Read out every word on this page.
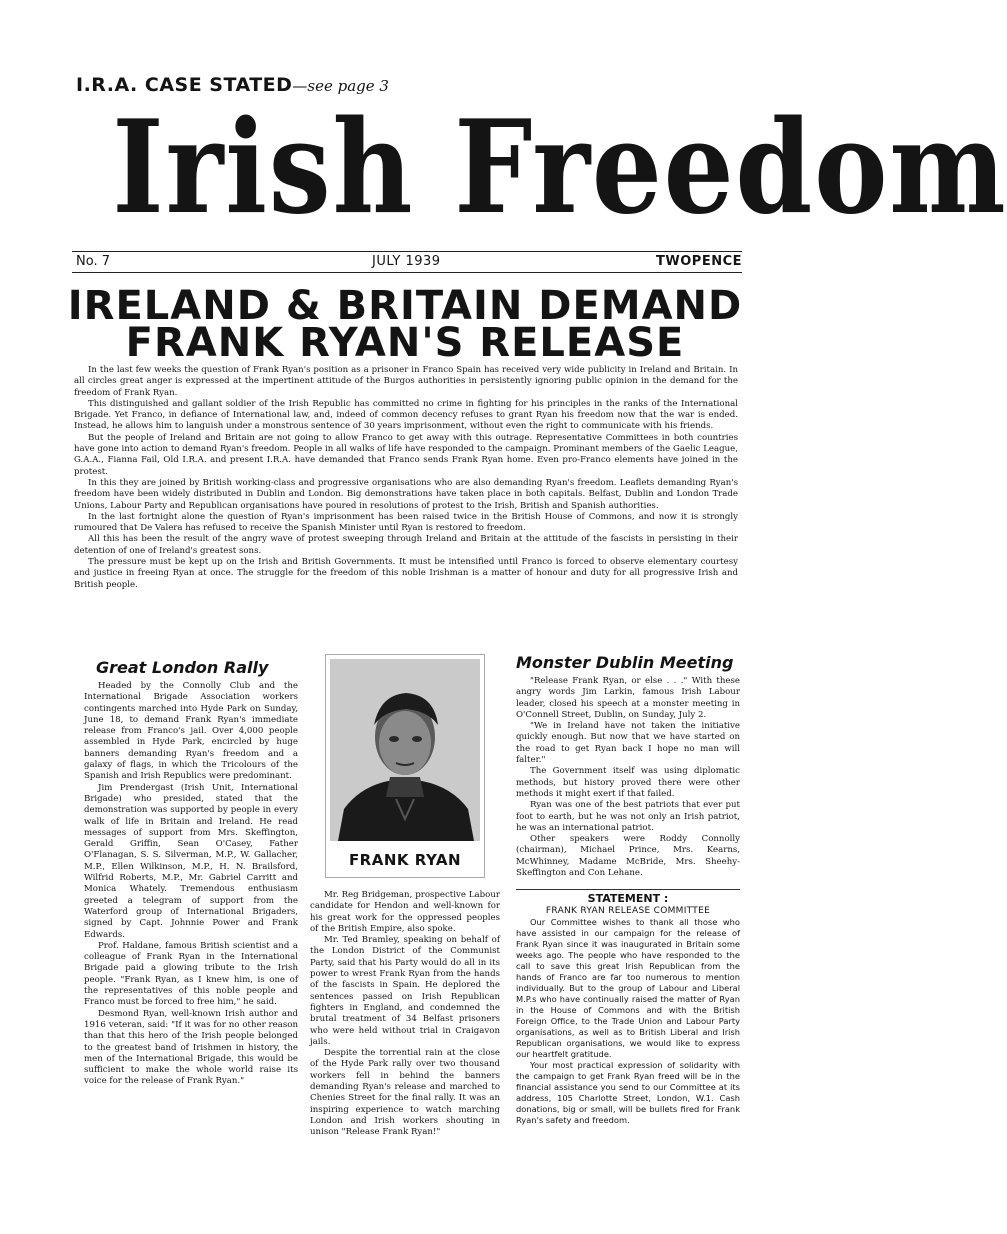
I.R.A. CASE STATED—see page 3
Irish Freedom
No. 7	JULY 1939	TWOPENCE
IRELAND & BRITAIN DEMAND
FRANK RYAN'S RELEASE

In the last few weeks the question of Frank Ryan's position as a prisoner in Franco Spain has received very wide publicity in Ireland and Britain. In all circles great anger is expressed at the impertinent attitude of the Burgos authorities in persistently ignoring public opinion in the demand for the freedom of Frank Ryan.

This distinguished and gallant soldier of the Irish Republic has committed no crime in fighting for his principles in the ranks of the International Brigade. Yet Franco, in defiance of International law, and, indeed of common decency refuses to grant Ryan his freedom now that the war is ended. Instead, he allows him to languish under a monstrous sentence of 30 years imprisonment, without even the right to communicate with his friends.

But the people of Ireland and Britain are not going to allow Franco to get away with this outrage. Representative Committees in both countries have gone into action to demand Ryan's freedom. People in all walks of life have responded to the campaign. Prominant members of the Gaelic League, G.A.A., Fianna Fail, Old I.R.A. and present I.R.A. have demanded that Franco sends Frank Ryan home. Even pro-Franco elements have joined in the protest.

In this they are joined by British working-class and progressive organisations who are also demanding Ryan's freedom. Leaflets demanding Ryan's freedom have been widely distributed in Dublin and London. Big demonstrations have taken place in both capitals. Belfast, Dublin and London Trade Unions, Labour Party and Republican organisations have poured in resolutions of protest to the Irish, British and Spanish authorities.

In the last fortnight alone the question of Ryan's imprisonment has been raised twice in the British House of Commons, and now it is strongly rumoured that De Valera has refused to receive the Spanish Minister until Ryan is restored to freedom.

All this has been the result of the angry wave of protest sweeping through Ireland and Britain at the attitude of the fascists in persisting in their detention of one of Ireland's greatest sons.

The pressure must be kept up on the Irish and British Governments. It must be intensified until Franco is forced to observe elementary courtesy and justice in freeing Ryan at once. The struggle for the freedom of this noble Irishman is a matter of honour and duty for all progressive Irish and British people.

Great London Rally

Headed by the Connolly Club and the International Brigade Association workers contingents marched into Hyde Park on Sunday, June 18, to demand Frank Ryan's immediate release from Franco's jail. Over 4,000 people assembled in Hyde Park, encircled by huge banners demanding Ryan's freedom and a galaxy of flags, in which the Tricolours of the Spanish and Irish Republics were predominant.

Jim Prendergast (Irish Unit, International Brigade) who presided, stated that the demonstration was supported by people in every walk of life in Britain and Ireland. He read messages of support from Mrs. Skeffington, Gerald Griffin, Sean O'Casey, Father O'Flanagan, S. S. Silverman, M.P., W. Gallacher, M.P., Ellen Wilkinson, M.P., H. N. Brailsford, Wilfrid Roberts, M.P., Mr. Gabriel Carritt and Monica Whately. Tremendous enthusiasm greeted a telegram of support from the Waterford group of International Brigaders, signed by Capt. Johnnie Power and Frank Edwards.

Prof. Haldane, famous British scientist and a colleague of Frank Ryan in the International Brigade paid a glowing tribute to the Irish people. "Frank Ryan, as I knew him, is one of the representatives of this noble people and Franco must be forced to free him," he said.

Desmond Ryan, well-known Irish author and 1916 veteran, said: "If it was for no other reason than that this hero of the Irish people belonged to the greatest band of Irishmen in history, the men of the International Brigade, this would be sufficient to make the whole world raise its voice for the release of Frank Ryan."

FRANK RYAN

Mr. Reg Bridgeman, prospective Labour candidate for Hendon and well-known for his great work for the oppressed peoples of the British Empire, also spoke.

Mr. Ted Bramley, speaking on behalf of the London District of the Communist Party, said that his Party would do all in its power to wrest Frank Ryan from the hands of the fascists in Spain. He deplored the sentences passed on Irish Republican fighters in England, and condemned the brutal treatment of 34 Belfast prisoners who were held without trial in Craigavon jails.

Despite the torrential rain at the close of the Hyde Park rally over two thousand workers fell in behind the banners demanding Ryan's release and marched to Chenies Street for the final rally. It was an inspiring experience to watch marching London and Irish workers shouting in unison "Release Frank Ryan!"

Monster Dublin Meeting

"Release Frank Ryan, or else . . ." With these angry words Jim Larkin, famous Irish Labour leader, closed his speech at a monster meeting in O'Connell Street, Dublin, on Sunday, July 2.

"We in Ireland have not taken the initiative quickly enough. But now that we have started on the road to get Ryan back I hope no man will falter."

The Government itself was using diplomatic methods, but history proved there were other methods it might exert if that failed.

Ryan was one of the best patriots that ever put foot to earth, but he was not only an Irish patriot, he was an international patriot.

Other speakers were Roddy Connolly (chairman), Michael Prince, Mrs. Kearns, McWhinney, Madame McBride, Mrs. Sheehy-Skeffington and Con Lehane.

STATEMENT :
FRANK RYAN RELEASE COMMITTEE

Our Committee wishes to thank all those who have assisted in our campaign for the release of Frank Ryan since it was inaugurated in Britain some weeks ago. The people who have responded to the call to save this great Irish Republican from the hands of Franco are far too numerous to mention individually. But to the group of Labour and Liberal M.P.s who have continually raised the matter of Ryan in the House of Commons and with the British Foreign Office, to the Trade Union and Labour Party organisations, as well as to British Liberal and Irish Republican organisations, we would like to express our heartfelt gratitude.

Your most practical expression of solidarity with the campaign to get Frank Ryan freed will be in the financial assistance you send to our Committee at its address, 105 Charlotte Street, London, W.1. Cash donations, big or small, will be bullets fired for Frank Ryan's safety and freedom.
